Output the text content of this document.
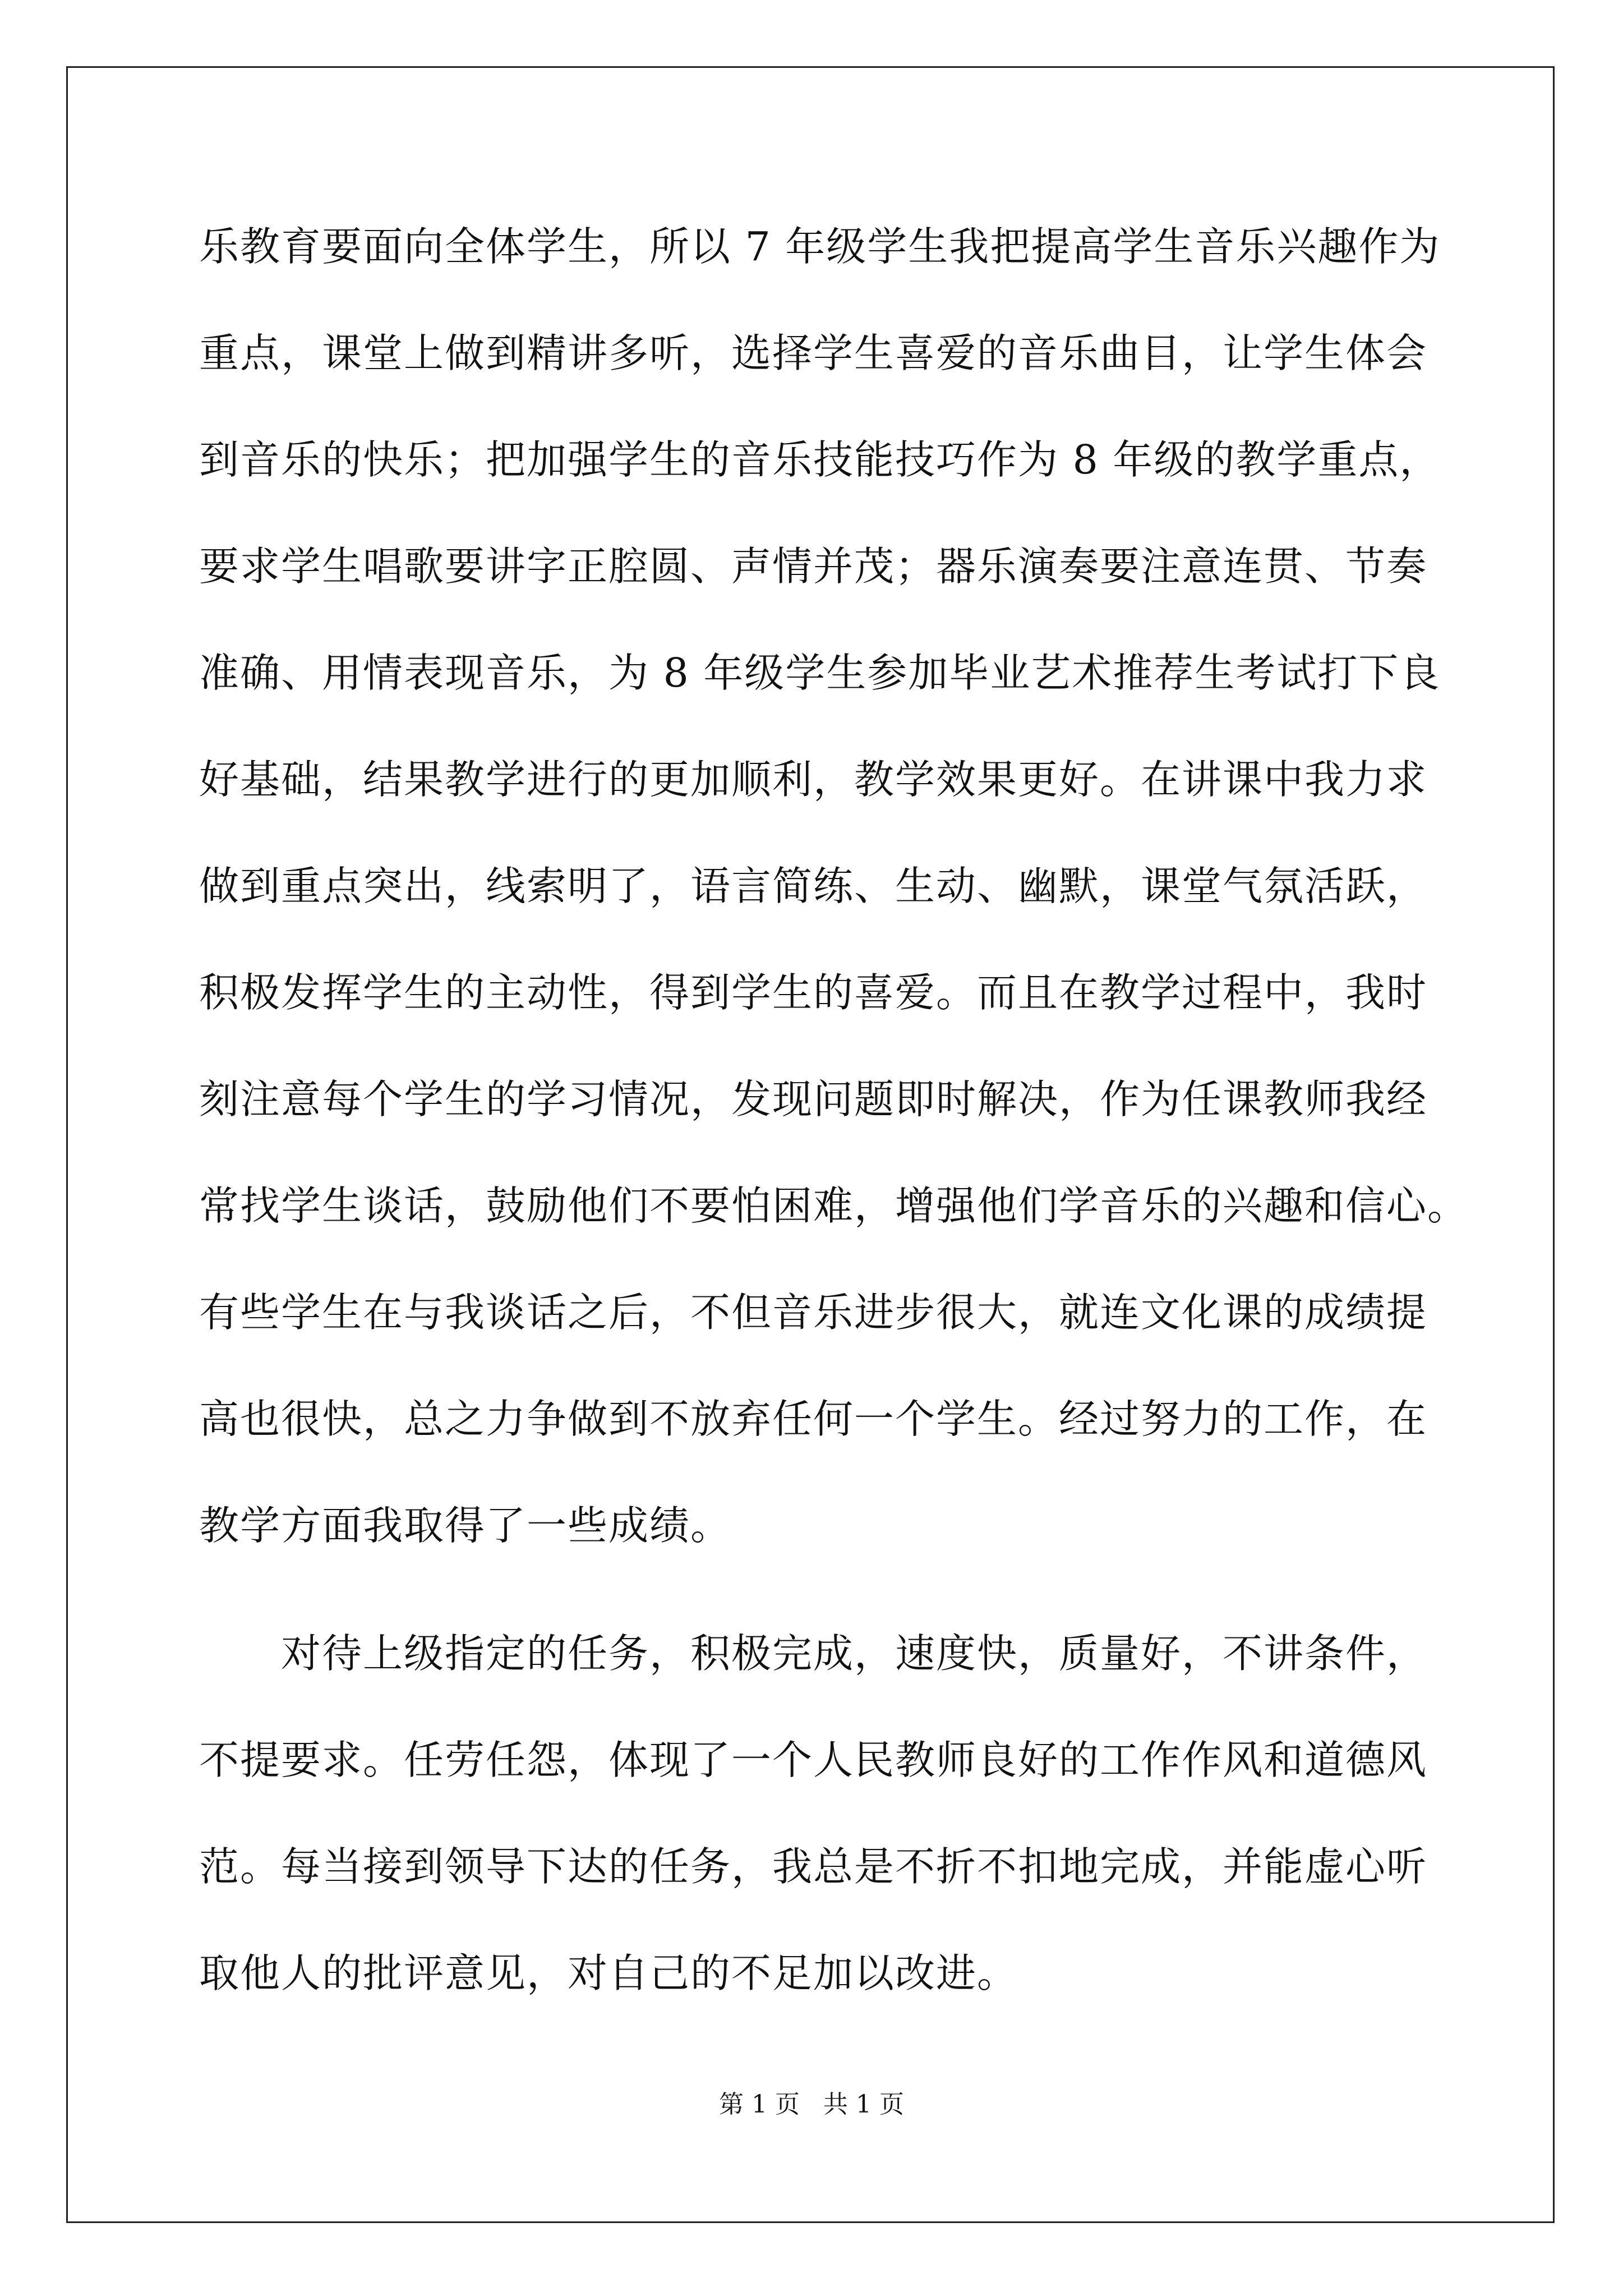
乐教育要面向全体学生，所以 7 年级学生我把提高学生音乐兴趣作为
重点，课堂上做到精讲多听，选择学生喜爱的音乐曲目，让学生体会
到音乐的快乐；把加强学生的音乐技能技巧作为 8 年级的教学重点，
要求学生唱歌要讲字正腔圆、声情并茂；器乐演奏要注意连贯、节奏
准确、用情表现音乐，为 8 年级学生参加毕业艺术推荐生考试打下良
好基础，结果教学进行的更加顺利，教学效果更好。在讲课中我力求
做到重点突出，线索明了，语言简练、生动、幽默，课堂气氛活跃，
积极发挥学生的主动性，得到学生的喜爱。而且在教学过程中，我时
刻注意每个学生的学习情况，发现问题即时解决，作为任课教师我经
常找学生谈话，鼓励他们不要怕困难，增强他们学音乐的兴趣和信心。
有些学生在与我谈话之后，不但音乐进步很大，就连文化课的成绩提
高也很快，总之力争做到不放弃任何一个学生。经过努力的工作，在
教学方面我取得了一些成绩。
对待上级指定的任务，积极完成，速度快，质量好，不讲条件，
不提要求。任劳任怨，体现了一个人民教师良好的工作作风和道德风
范。每当接到领导下达的任务，我总是不折不扣地完成，并能虚心听
取他人的批评意见，对自己的不足加以改进。
第 1 页   共 1 页
